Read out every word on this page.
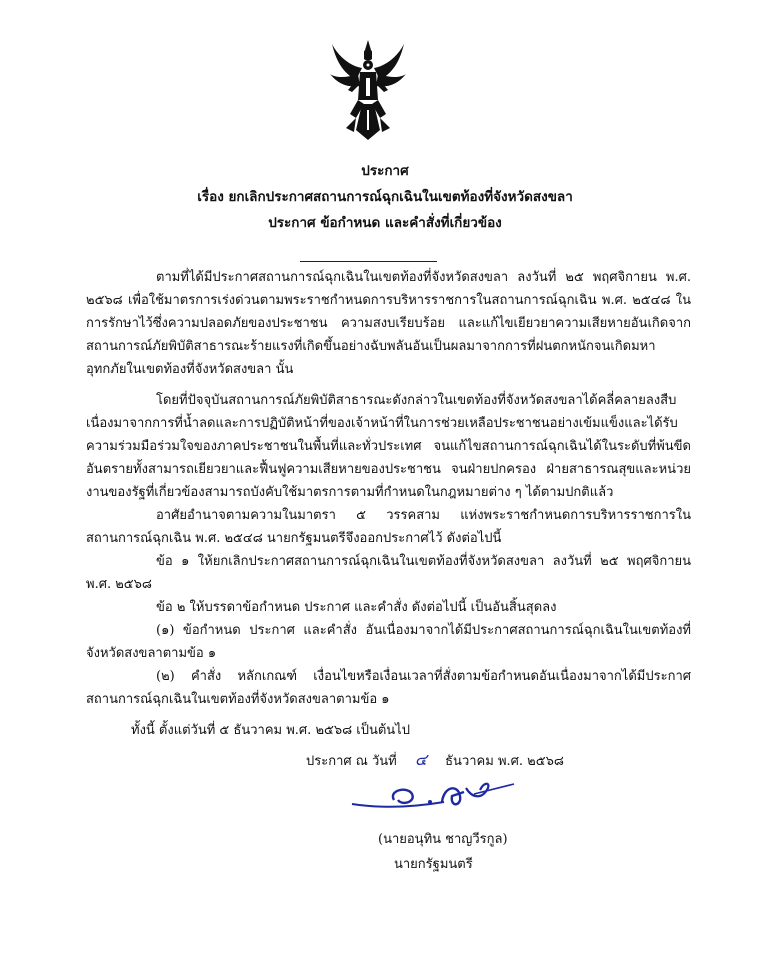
ประกาศ
เรื่อง ยกเลิกประกาศสถานการณ์ฉุกเฉินในเขตท้องที่จังหวัดสงขลา
ประกาศ ข้อกำหนด และคำสั่งที่เกี่ยวข้อง

ตามที่ได้มีประกาศสถานการณ์ฉุกเฉินในเขตท้องที่จังหวัดสงขลา ลงวันที่ ๒๕ พฤศจิกายน พ.ศ. ๒๕๖๘ เพื่อใช้มาตรการเร่งด่วนตามพระราชกำหนดการบริหารราชการในสถานการณ์ฉุกเฉิน พ.ศ. ๒๕๔๘ ในการรักษาไว้ซึ่งความปลอดภัยของประชาชน ความสงบเรียบร้อย และแก้ไขเยียวยาความเสียหายอันเกิดจากสถานการณ์ภัยพิบัติสาธารณะร้ายแรงที่เกิดขึ้นอย่างฉับพลันอันเป็นผลมาจากการที่ฝนตกหนักจนเกิดมหาอุทกภัยในเขตท้องที่จังหวัดสงขลา นั้น

โดยที่ปัจจุบันสถานการณ์ภัยพิบัติสาธารณะดังกล่าวในเขตท้องที่จังหวัดสงขลาได้คลี่คลายลงสืบเนื่องมาจากการที่น้ำลดและการปฏิบัติหน้าที่ของเจ้าหน้าที่ในการช่วยเหลือประชาชนอย่างเข้มแข็งและได้รับความร่วมมือร่วมใจของภาคประชาชนในพื้นที่และทั่วประเทศ จนแก้ไขสถานการณ์ฉุกเฉินได้ในระดับที่พ้นขีดอันตรายทั้งสามารถเยียวยาและฟื้นฟูความเสียหายของประชาชน จนฝ่ายปกครอง ฝ่ายสาธารณสุขและหน่วยงานของรัฐที่เกี่ยวข้องสามารถบังคับใช้มาตรการตามที่กำหนดในกฎหมายต่าง ๆ ได้ตามปกติแล้ว

อาศัยอำนาจตามความในมาตรา ๕ วรรคสาม แห่งพระราชกำหนดการบริหารราชการในสถานการณ์ฉุกเฉิน พ.ศ. ๒๕๔๘ นายกรัฐมนตรีจึงออกประกาศไว้ ดังต่อไปนี้

ข้อ ๑ ให้ยกเลิกประกาศสถานการณ์ฉุกเฉินในเขตท้องที่จังหวัดสงขลา ลงวันที่ ๒๕ พฤศจิกายน พ.ศ. ๒๕๖๘

ข้อ ๒ ให้บรรดาข้อกำหนด ประกาศ และคำสั่ง ดังต่อไปนี้ เป็นอันสิ้นสุดลง

(๑) ข้อกำหนด ประกาศ และคำสั่ง อันเนื่องมาจากได้มีประกาศสถานการณ์ฉุกเฉินในเขตท้องที่จังหวัดสงขลาตามข้อ ๑

(๒) คำสั่ง หลักเกณฑ์ เงื่อนไขหรือเงื่อนเวลาที่สั่งตามข้อกำหนดอันเนื่องมาจากได้มีประกาศสถานการณ์ฉุกเฉินในเขตท้องที่จังหวัดสงขลาตามข้อ ๑

ทั้งนี้ ตั้งแต่วันที่ ๕ ธันวาคม พ.ศ. ๒๕๖๘ เป็นต้นไป

ประกาศ ณ วันที่ ๔ ธันวาคม พ.ศ. ๒๕๖๘
(นายอนุทิน ชาญวีรกูล)
นายกรัฐมนตรี
